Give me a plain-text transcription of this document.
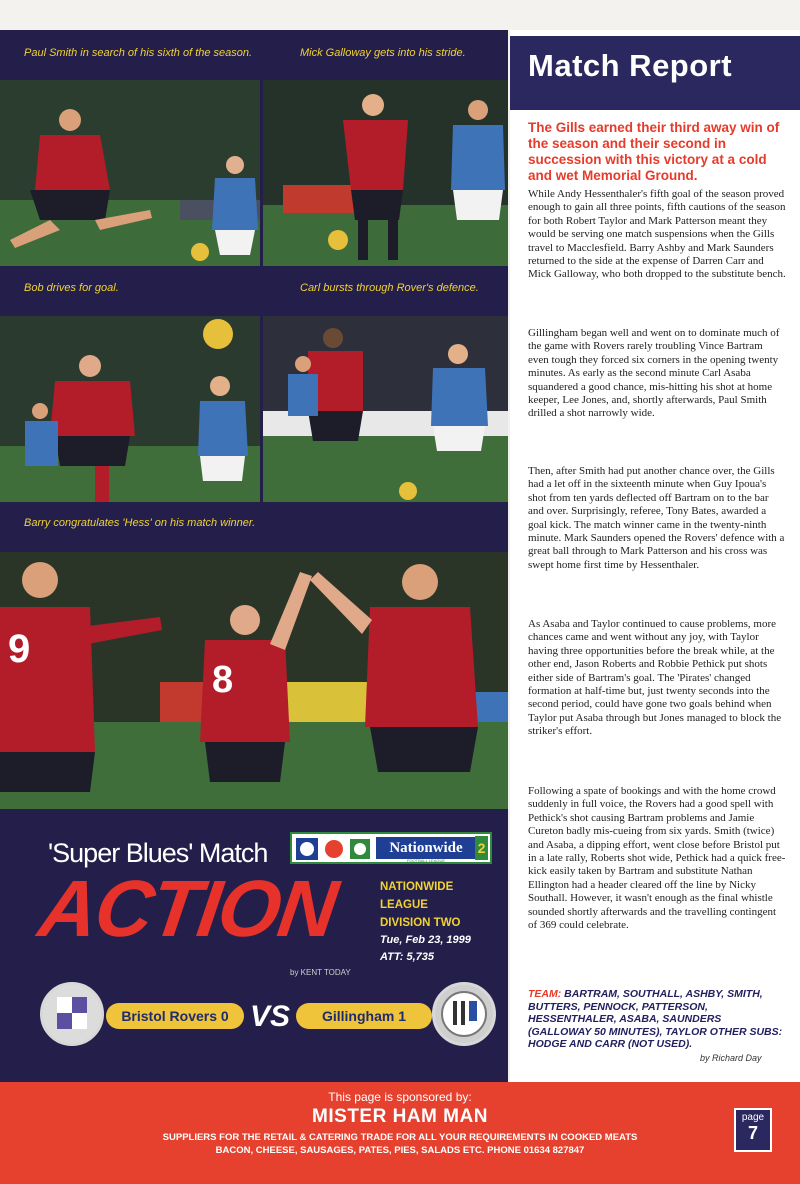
Paul Smith in search of his sixth of the season.	Mick Galloway gets into his stride.
Bob drives for goal.	Carl bursts through Rover's defence.
Barry congratulates 'Hess' on his match winner.
9
8
'Super Blues' Match	Nationwide
FOOTBALL LEAGUE
2
ACTION
by KENT TODAY
NATIONWIDE
LEAGUE
DIVISION TWO
Tue, Feb 23, 1999
ATT: 5,735
Bristol Rovers 0 VS	Gillingham 1
Match Report
The Gills earned their third away win of the season and their second in succession with this victory at a cold and wet Memorial Ground.
While Andy Hessenthaler's fifth goal of the season proved enough to gain all three points, fifth cautions of the season for both Robert Taylor and Mark Patterson meant they would be serving one match suspensions when the Gills travel to Macclesfield. Barry Ashby and Mark Saunders returned to the side at the expense of Darren Carr and Mick Galloway, who both dropped to the substitute bench.
Gillingham began well and went on to dominate much of the game with Rovers rarely troubling Vince Bartram even tough they forced six corners in the opening twenty minutes. As early as the second minute Carl Asaba squandered a good chance, mis-hitting his shot at home keeper, Lee Jones, and, shortly afterwards, Paul Smith drilled a shot narrowly wide.
Then, after Smith had put another chance over, the Gills had a let off in the sixteenth minute when Guy Ipoua's shot from ten yards deflected off Bartram on to the bar and over. Surprisingly, referee, Tony Bates, awarded a goal kick. The match winner came in the twenty-ninth minute. Mark Saunders opened the Rovers' defence with a great ball through to Mark Patterson and his cross was swept home first time by Hessenthaler.
As Asaba and Taylor continued to cause problems, more chances came and went without any joy, with Taylor having three opportunities before the break while, at the other end, Jason Roberts and Robbie Pethick put shots either side of Bartram's goal. The 'Pirates' changed formation at half-time but, just twenty seconds into the second period, could have gone two goals behind when Taylor put Asaba through but Jones managed to block the striker's effort.
Following a spate of bookings and with the home crowd suddenly in full voice, the Rovers had a good spell with Pethick's shot causing Bartram problems and Jamie Cureton badly mis-cueing from six yards. Smith (twice) and Asaba, a dipping effort, went close before Bristol put in a late rally, Roberts shot wide, Pethick had a quick free-kick easily taken by Bartram and substitute Nathan Ellington had a header cleared off the line by Nicky Southall. However, it wasn't enough as the final whistle sounded shortly afterwards and the travelling contingent of 369 could celebrate.
TEAM: BARTRAM, SOUTHALL, ASHBY, SMITH, BUTTERS, PENNOCK, PATTERSON, HESSENTHALER, ASABA, SAUNDERS (GALLOWAY 50 MINUTES), TAYLOR OTHER SUBS: HODGE AND CARR (NOT USED).
by Richard Day
This page is sponsored by:
MISTER HAM MAN
SUPPLIERS FOR THE RETAIL & CATERING TRADE FOR ALL YOUR REQUIREMENTS IN COOKED MEATS
BACON, CHEESE, SAUSAGES, PATES, PIES, SALADS ETC. PHONE 01634 827847
page
7
